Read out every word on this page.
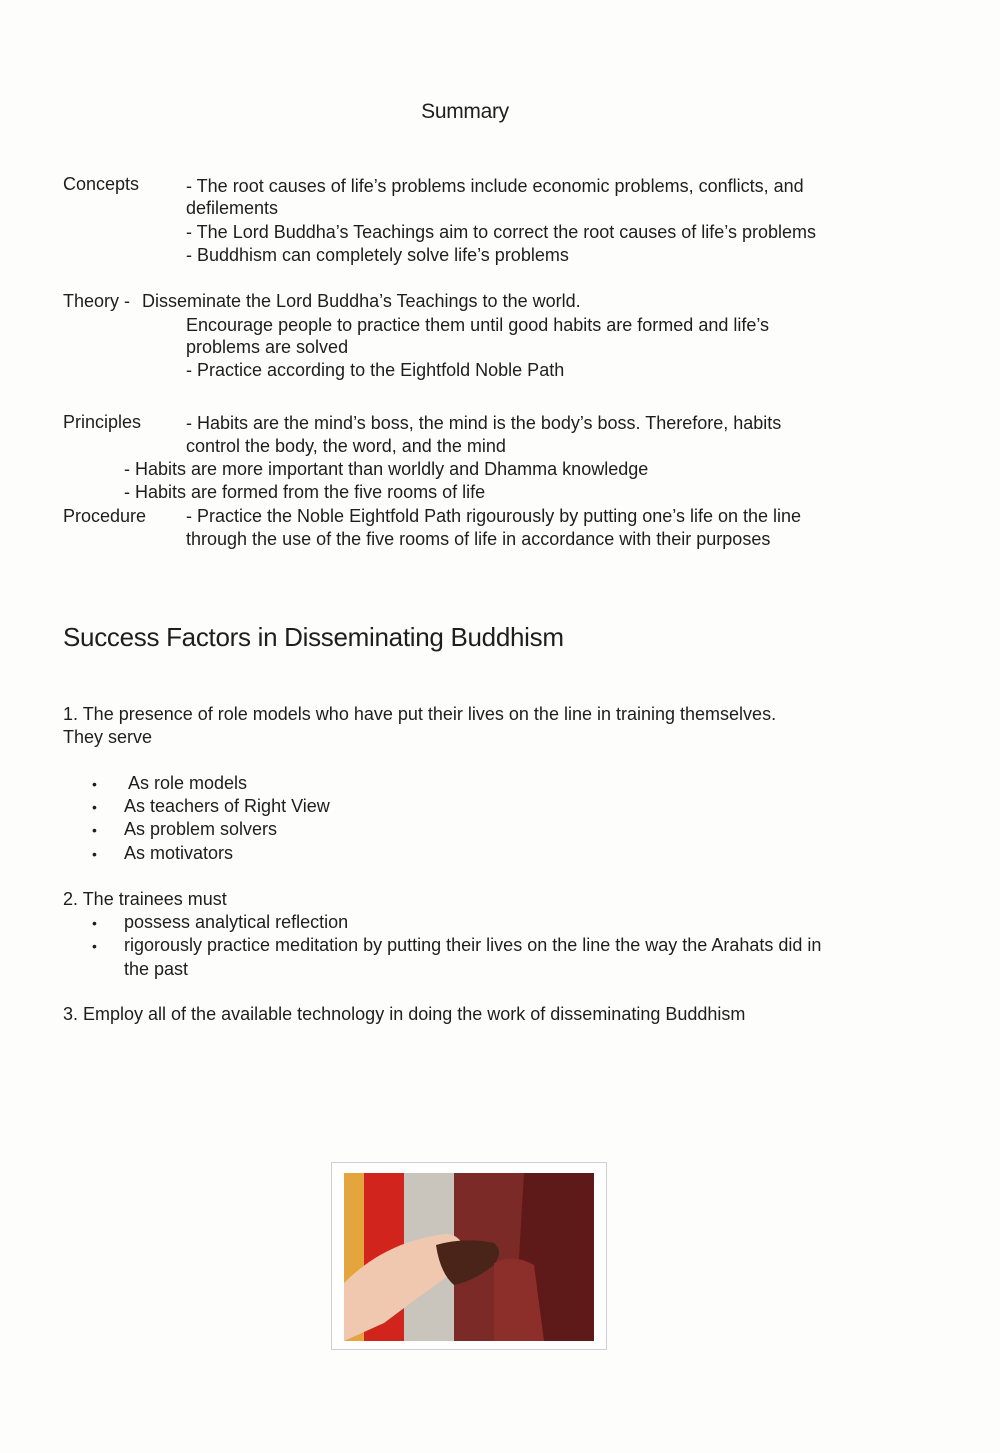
Summary
Concepts	- The root causes of life’s problems include economic problems, conflicts, and
defilements
- The Lord Buddha’s Teachings aim to correct the root causes of life’s problems
- Buddhism can completely solve life’s problems
Theory - Disseminate the Lord Buddha’s Teachings to the world.
Encourage people to practice them until good habits are formed and life’s
problems are solved
- Practice according to the Eightfold Noble Path
Principles - Habits are the mind’s boss, the mind is the body’s boss. Therefore, habits
control the body, the word, and the mind
- Habits are more important than worldly and Dhamma knowledge
- Habits are formed from the five rooms of life
Procedure - Practice the Noble Eightfold Path rigourously by putting one’s life on the line
through the use of the five rooms of life in accordance with their purposes
Success Factors in Disseminating Buddhism
1. The presence of role models who have put their lives on the line in training themselves.
They serve
• As role models
• As teachers of Right View
• As problem solvers
• As motivators
2. The trainees must
• possess analytical reflection
• rigorously practice meditation by putting their lives on the line the way the Arahats did in
the past
3. Employ all of the available technology in doing the work of disseminating Buddhism
